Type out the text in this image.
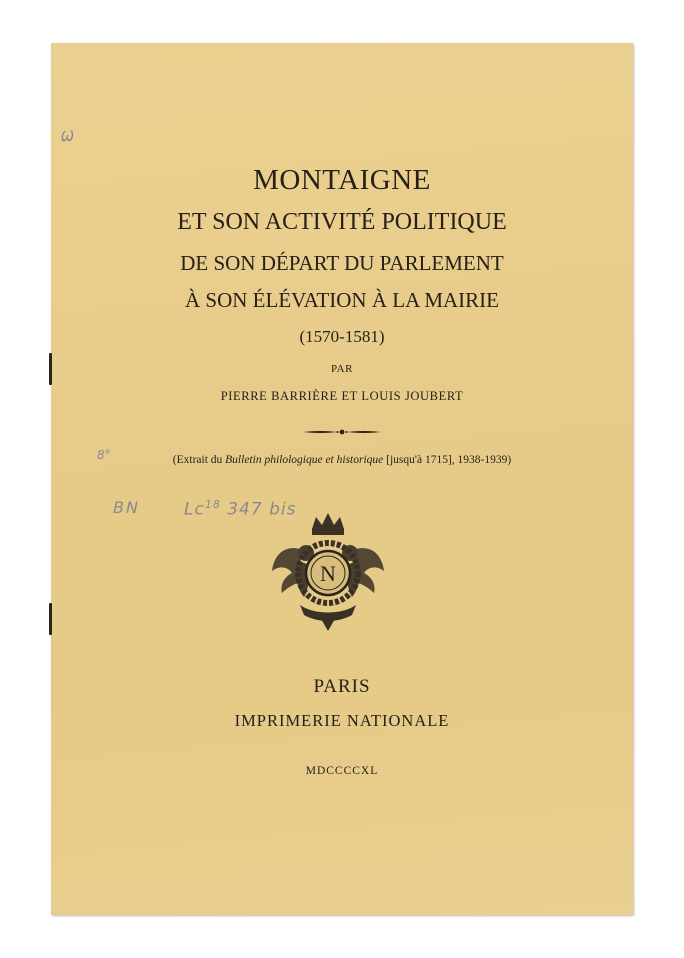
MONTAIGNE
ET SON ACTIVITÉ POLITIQUE
DE SON DÉPART DU PARLEMENT
À SON ÉLÉVATION À LA MAIRIE
(1570-1581)
PAR
PIERRE BARRIÈRE ET LOUIS JOUBERT
(Extrait du Bulletin philologique et historique [jusqu'à 1715], 1938-1939)
N
PARIS
IMPRIMERIE NATIONALE
MDCCCCXL
Ѡ
8°
BN	Lc$^{18}$ 347 bis
